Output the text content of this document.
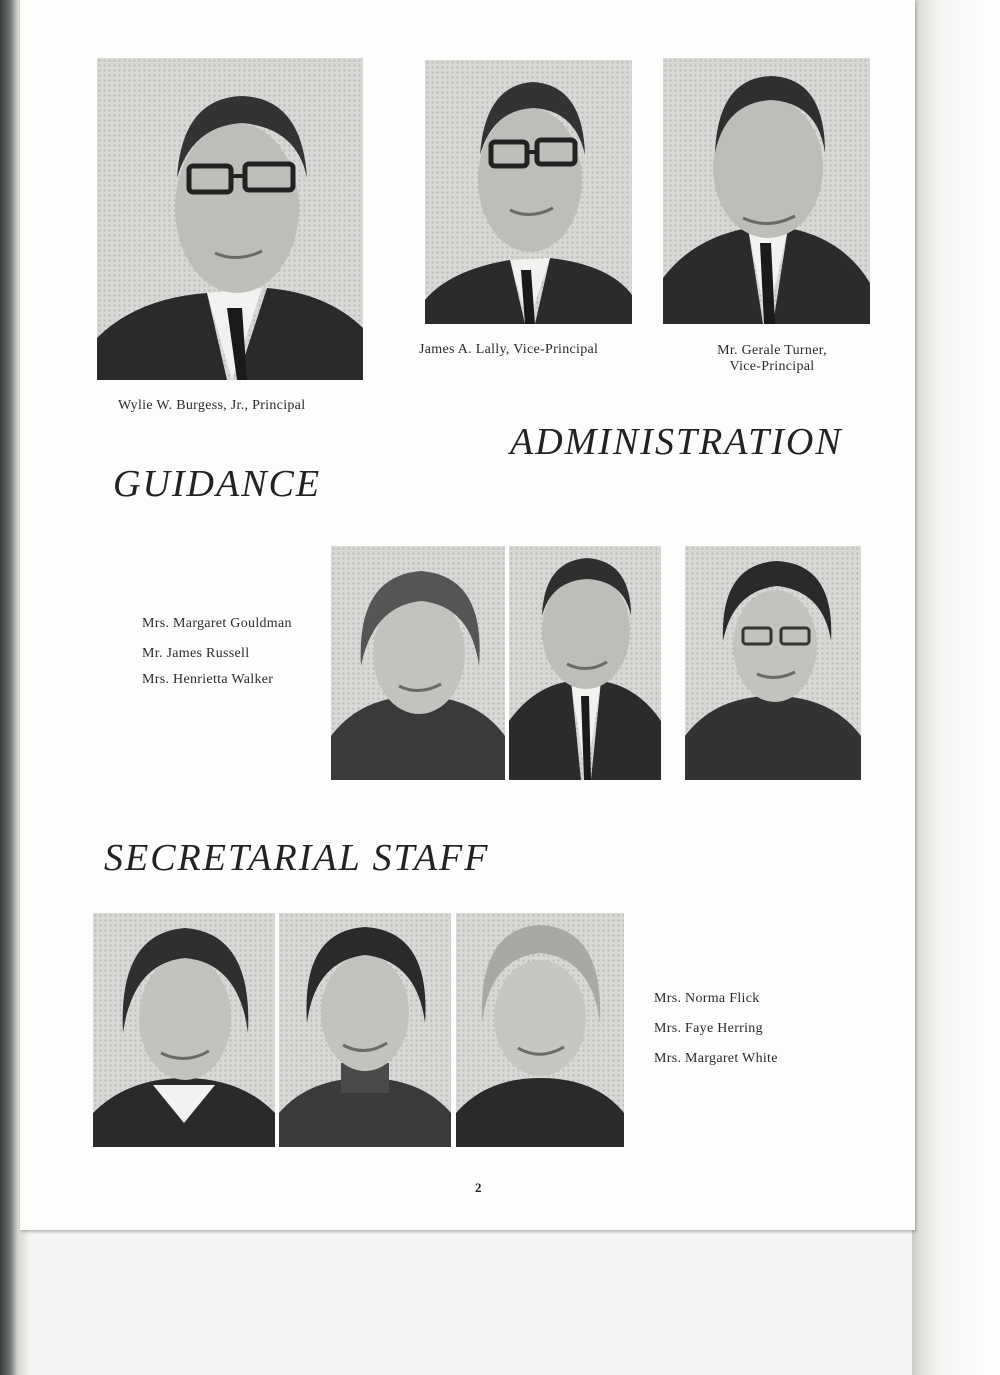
Wylie W. Burgess, Jr., Principal
James A. Lally, Vice-Principal	Mr. Gerale Turner,
Vice-Principal
ADMINISTRATION
GUIDANCE
Mrs. Margaret Gouldman
Mr. James Russell
Mrs. Henrietta Walker
SECRETARIAL STAFF
Mrs. Norma Flick
Mrs. Faye Herring
Mrs. Margaret White
2
